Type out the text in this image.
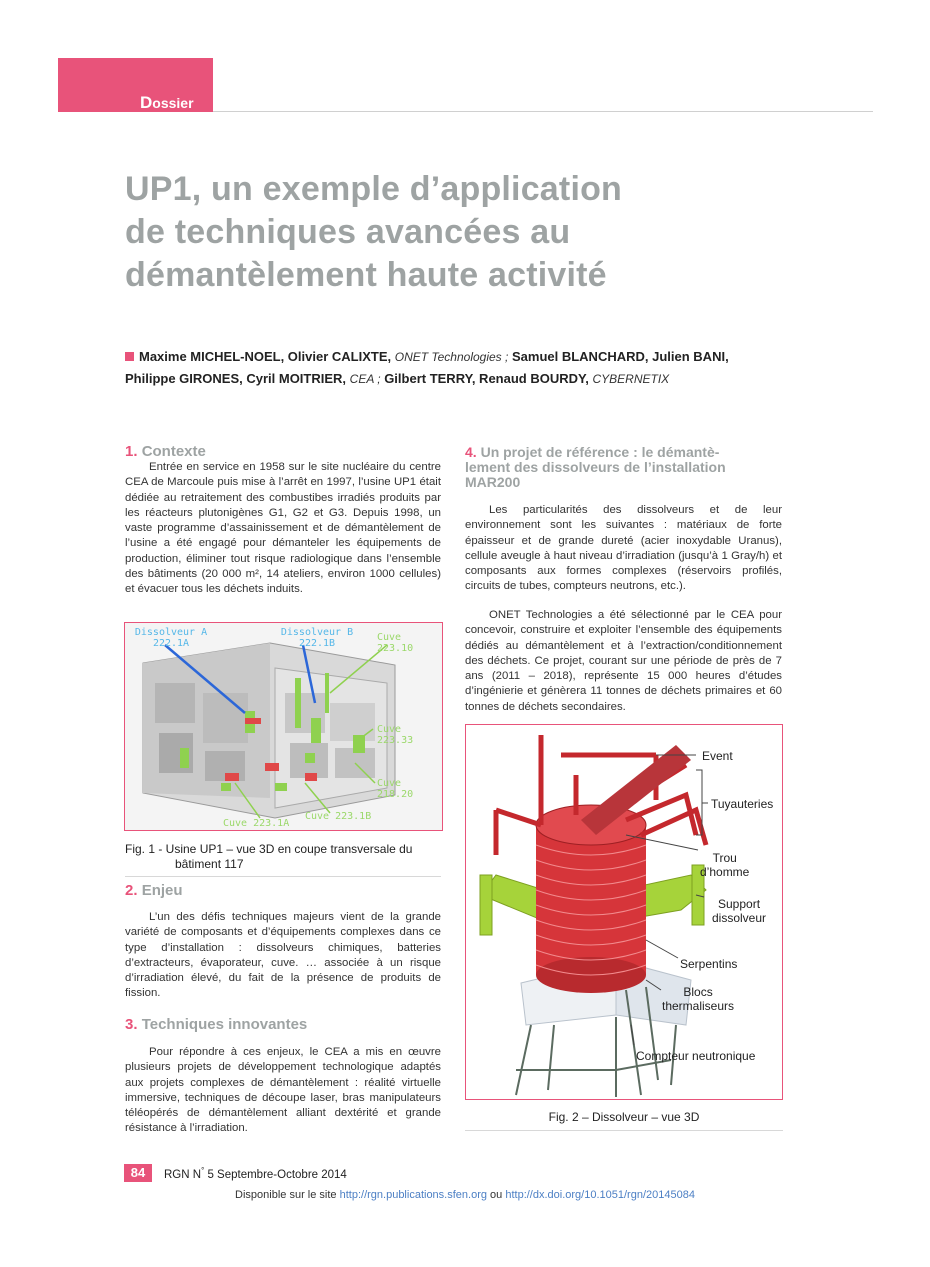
Dossier
UP1, un exemple d’application
de techniques avancées au
démantèlement haute activité
Maxime MICHEL-NOEL, Olivier CALIXTE, ONET Technologies ; Samuel BLANCHARD, Julien BANI,
Philippe GIRONES, Cyril MOITRIER, CEA ; Gilbert TERRY, Renaud BOURDY, CYBERNETIX
1. Contexte
Entrée en service en 1958 sur le site nucléaire du centre CEA de Marcoule puis mise à l’arrêt en 1997, l’usine UP1 était dédiée au retraitement des combustibes irradiés produits par les réacteurs plutonigènes G1, G2 et G3. Depuis 1998, un vaste programme d’assainissement et de démantèlement de l’usine a été engagé pour démanteler les équipements de production, éliminer tout risque radiologique dans l’ensemble des bâtiments (20 000 m², 14 ateliers, environ 1000 cellules) et évacuer tous les déchets induits.
Dissolveur A
222.1A
Dissolveur B
222.1B
Cuve 223.10
Cuve 223.33
Cuve 218.20
Cuve 223.1B
Cuve 223.1A
Fig. 1 - Usine UP1 – vue 3D en coupe transversale du
bâtiment 117
2. Enjeu
L’un des défis techniques majeurs vient de la grande variété de composants et d’équipements complexes dans ce type d’installation : dissolveurs chimiques, batteries d’extracteurs, évaporateur, cuve. … associée à un risque d’irradiation élevé, du fait de la présence de produits de fission.
3. Techniques innovantes
Pour répondre à ces enjeux, le CEA a mis en œuvre plusieurs projets de développement technologique adaptés aux projets complexes de démantèlement : réalité virtuelle immersive, techniques de découpe laser, bras manipulateurs téléopérés de démantèlement alliant dextérité et grande résistance à l’irradiation.
4. Un projet de référence : le démantè-
lement des dissolveurs de l’installation
MAR200
Les particularités des dissolveurs et de leur environnement sont les suivantes : matériaux de forte épaisseur et de grande dureté (acier inoxydable Uranus), cellule aveugle à haut niveau d’irradiation (jusqu’à 1 Gray/h) et composants aux formes complexes (réservoirs profilés, circuits de tubes, compteurs neutrons, etc.).
ONET Technologies a été sélectionné par le CEA pour concevoir, construire et exploiter l’ensemble des équipements dédiés au démantèlement et à l’extraction/conditionnement des déchets. Ce projet, courant sur une période de près de 7 ans (2011 – 2018), représente 15 000 heures d’études d’ingénierie et génèrera 11 tonnes de déchets primaires et 60 tonnes de déchets secondaires.
Event
Tuyauteries
Trou
d’homme
Support
dissolveur
Serpentins
Blocs
thermaliseurs
Compteur neutronique
Fig. 2 – Dissolveur – vue 3D
84	RGN N° 5 Septembre-Octobre 2014
Disponible sur le site http://rgn.publications.sfen.org ou http://dx.doi.org/10.1051/rgn/20145084
